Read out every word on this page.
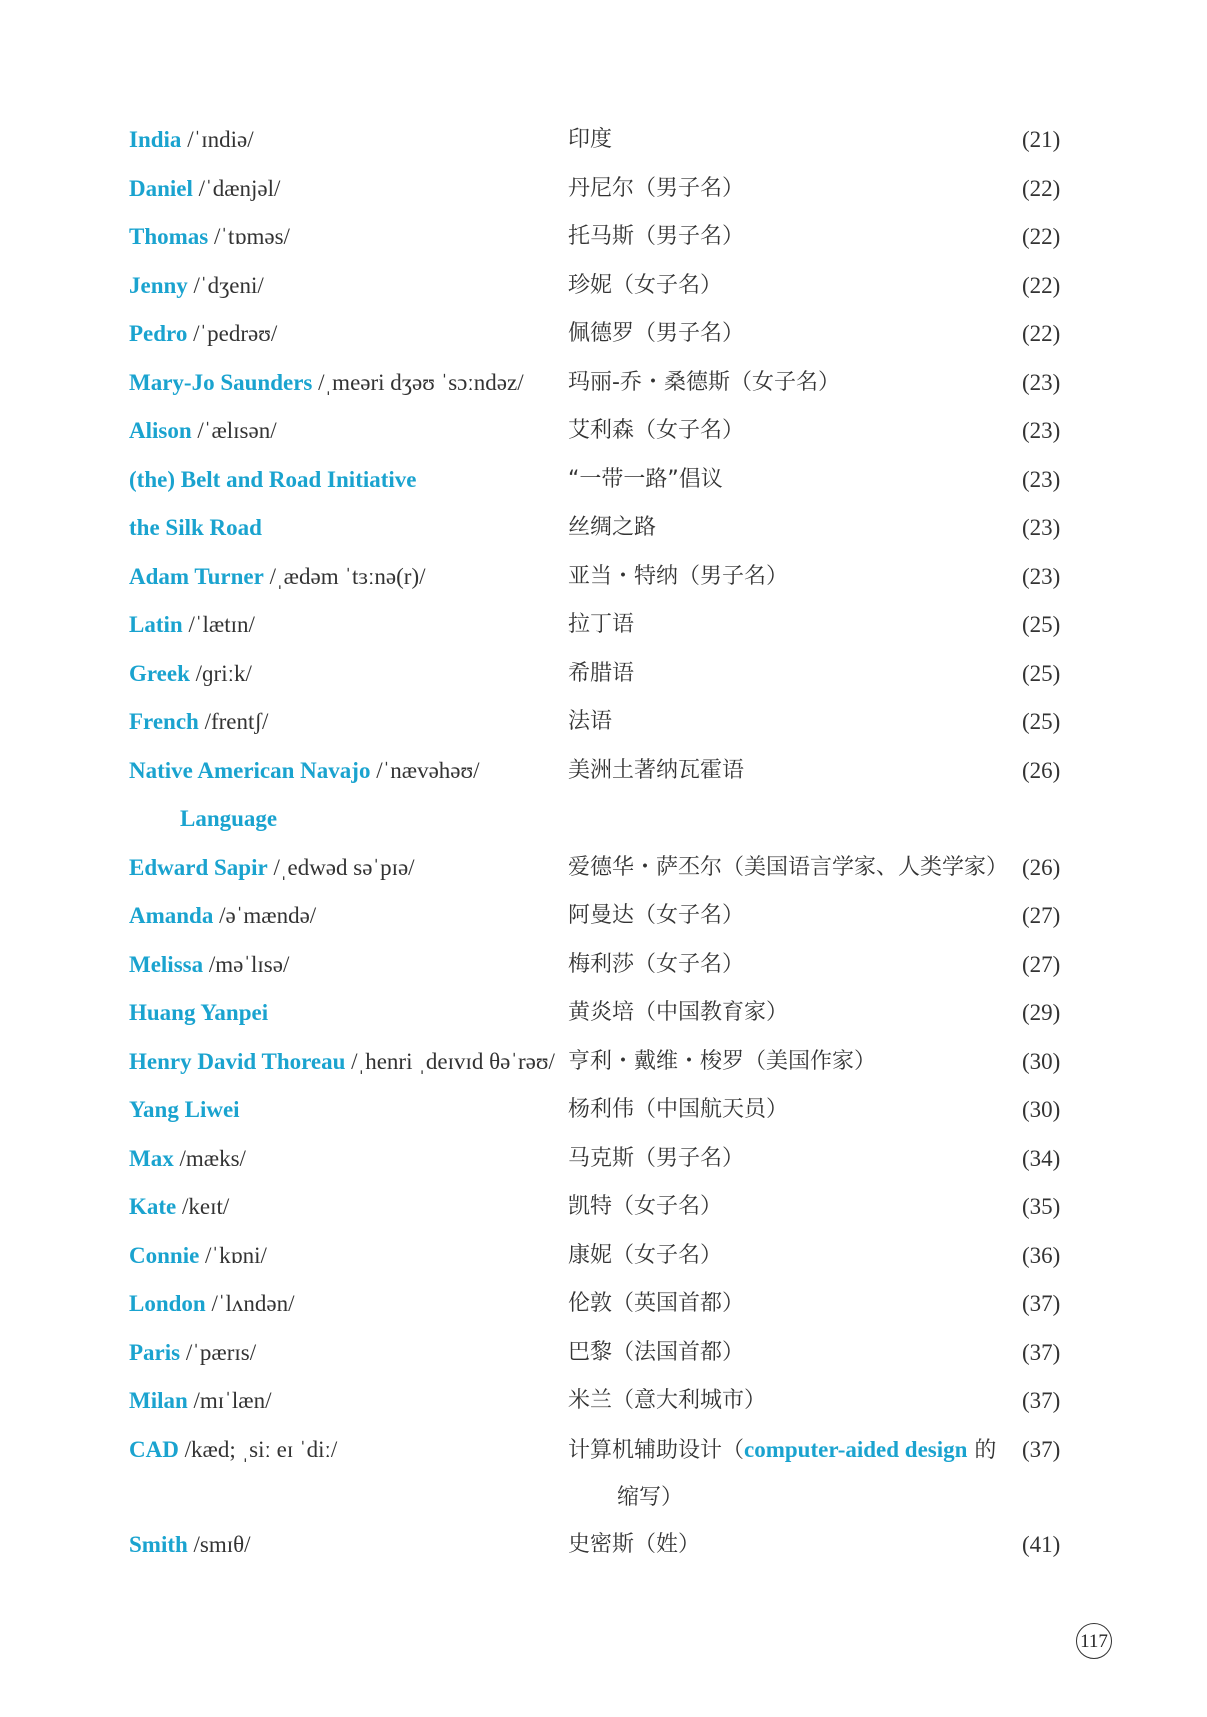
India /ˈɪndiə/	印度	(21)
Daniel /ˈdænjəl/	丹尼尔（男子名）	(22)
Thomas /ˈtɒməs/	托马斯（男子名）	(22)
Jenny /ˈdʒeni/	珍妮（女子名）	(22)
Pedro /ˈpedrəʊ/	佩德罗（男子名）	(22)
Mary-Jo Saunders /ˌmeəri dʒəʊ ˈsɔːndəz/ 玛丽-乔・桑德斯（女子名）	(23)
Alison /ˈælɪsən/	艾利森（女子名）	(23)
(the) Belt and Road Initiative	“一带一路”倡议	(23)
the Silk Road	丝绸之路	(23)
Adam Turner /ˌædəm ˈtɜːnə(r)/	亚当・特纳（男子名）	(23)
Latin /ˈlætɪn/	拉丁语	(25)
Greek /ɡriːk/	希腊语	(25)
French /frentʃ/	法语	(25)
Native American Navajo /ˈnævəhəʊ/	美洲土著纳瓦霍语	(26)
Language
Edward Sapir /ˌedwəd səˈpɪə/	爱德华・萨丕尔（美国语言学家、人类学家） (26)
Amanda /əˈmændə/	阿曼达（女子名）	(27)
Melissa /məˈlɪsə/	梅利莎（女子名）	(27)
Huang Yanpei	黄炎培（中国教育家）	(29)
Henry David Thoreau /ˌhenri ˌdeɪvɪd θəˈrəʊ/ 亨利・戴维・梭罗（美国作家）	(30)
Yang Liwei	杨利伟（中国航天员）	(30)
Max /mæks/	马克斯（男子名）	(34)
Kate /keɪt/	凯特（女子名）	(35)
Connie /ˈkɒni/	康妮（女子名）	(36)
London /ˈlʌndən/	伦敦（英国首都）	(37)
Paris /ˈpærɪs/	巴黎（法国首都）	(37)
Milan /mɪˈlæn/	米兰（意大利城市）	(37)
CAD /kæd; ˌsiː eɪ ˈdiː/	计算机辅助设计（computer-aided design 的 (37)
缩写）
Smith /smɪθ/	史密斯（姓）	(41)
117
